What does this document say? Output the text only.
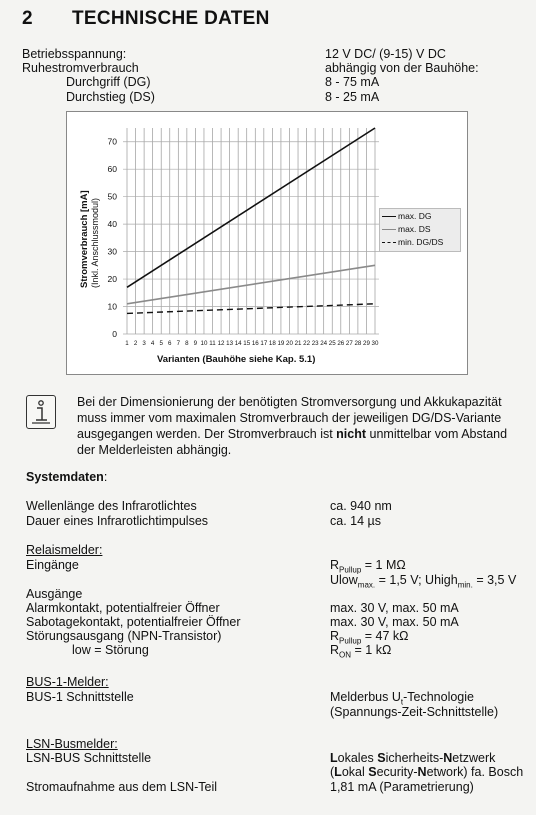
2 TECHNISCHE DATEN
Betriebsspannung:	12 V DC/ (9-15) V DC
Ruhestromverbrauch	abhängig von der Bauhöhe:
Durchgriff (DG)	8 - 75 mA
Durchstieg (DS)	8 - 25 mA
0
10
20
30
40
50
60
70
1 2 3 4 5 6 7 8 9 10 11 12 13 14 15 16 17 18 19 20 21 22 23 24 25 26 27 28 29 30
Stromverbrauch [mA] (Inkl. Anschlussmodul)
Varianten (Bauhöhe siehe Kap. 5.1)
max. DG
max. DS
min. DG/DS
Bei der Dimensionierung der benötigten Stromversorgung und Akkukapazität
muss immer vom maximalen Stromverbrauch der jeweiligen DG/DS-Variante
ausgegangen werden. Der Stromverbrauch ist nicht unmittelbar vom Abstand
der Melderleisten abhängig.
Systemdaten:
Wellenlänge des Infrarotlichtes	ca. 940 nm
Dauer eines Infrarotlichtimpulses	ca. 14 µs
Relaismelder:
Eingänge	$R_{Pullup} = 1$ MΩ
Ulow$_{max.}$ = 1,5 V; Uhigh$_{min.}$ = 3,5 V
Ausgänge
Alarmkontakt, potentialfreier Öffner	max. 30 V, max. 50 mA
Sabotagekontakt, potentialfreier Öffner	max. 30 V, max. 50 mA
Störungsausgang (NPN-Transistor)	$R_{Pullup} = 47$ kΩ
low = Störung	$R_{ON} = 1$ kΩ
BUS-1-Melder:
BUS-1 Schnittstelle	Melderbus $U_t$-Technologie
(Spannungs-Zeit-Schnittstelle)
LSN-Busmelder:
LSN-BUS Schnittstelle	Lokales Sicherheits-Netzwerk
(Lokal Security-Network) fa. Bosch
Stromaufnahme aus dem LSN-Teil	1,81 mA (Parametrierung)
